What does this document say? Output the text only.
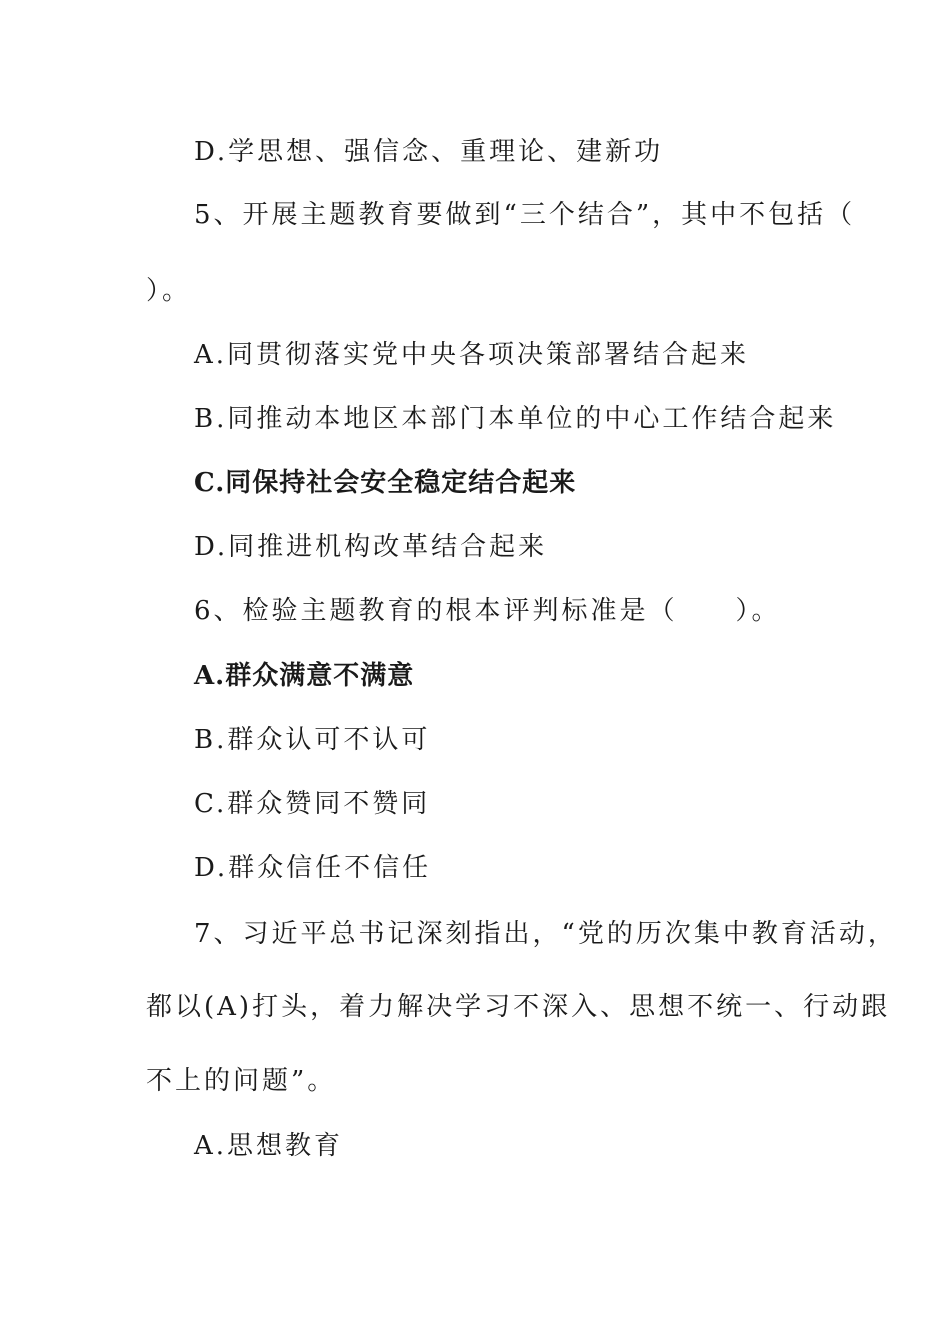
D.学思想、强信念、重理论、建新功
5、开展主题教育要做到“三个结合”，其中不包括（
）。
A.同贯彻落实党中央各项决策部署结合起来
B.同推动本地区本部门本单位的中心工作结合起来
C.同保持社会安全稳定结合起来
D.同推进机构改革结合起来
6、检验主题教育的根本评判标准是（　　）。
A.群众满意不满意
B.群众认可不认可
C.群众赞同不赞同
D.群众信任不信任
7、习近平总书记深刻指出，“党的历次集中教育活动，
都以(A)打头，着力解决学习不深入、思想不统一、行动跟
不上的问题”。
A.思想教育
